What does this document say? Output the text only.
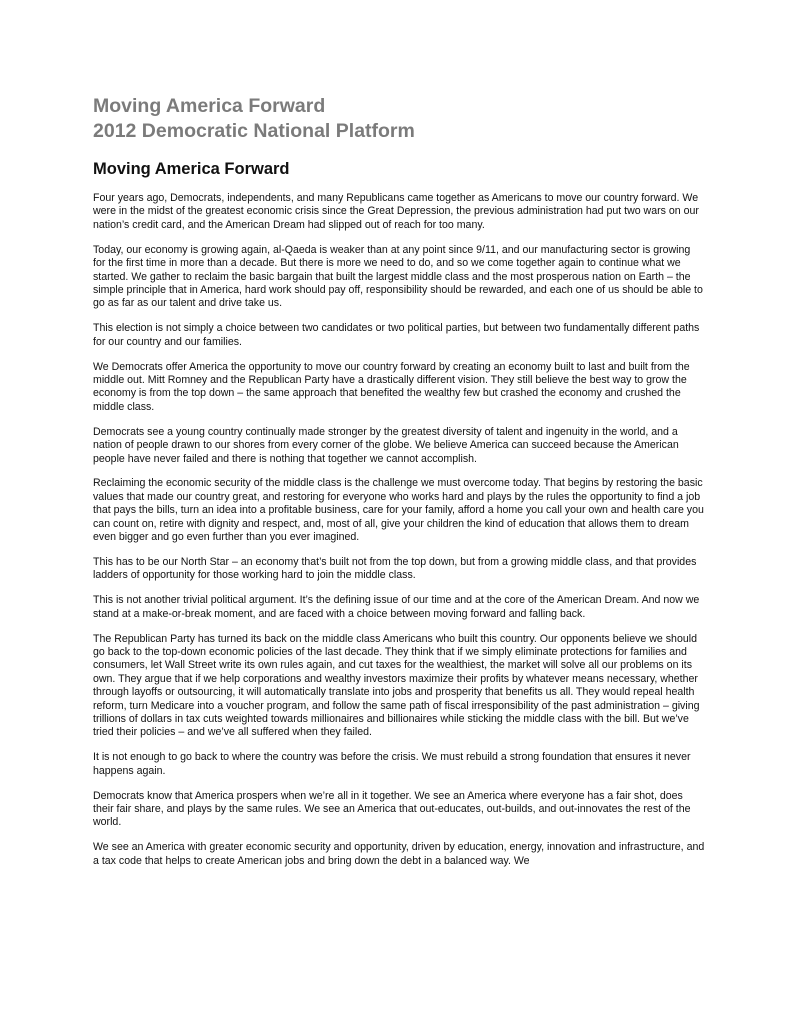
Moving America Forward
2012 Democratic National Platform
Moving America Forward

Four years ago, Democrats, independents, and many Republicans came together as Americans to move our country forward. We were in the midst of the greatest economic crisis since the Great Depression, the previous administration had put two wars on our nation’s credit card, and the American Dream had slipped out of reach for too many.

Today, our economy is growing again, al-Qaeda is weaker than at any point since 9/11, and our manufacturing sector is growing for the first time in more than a decade. But there is more we need to do, and so we come together again to continue what we started. We gather to reclaim the basic bargain that built the largest middle class and the most prosperous nation on Earth – the simple principle that in America, hard work should pay off, responsibility should be rewarded, and each one of us should be able to go as far as our talent and drive take us.

This election is not simply a choice between two candidates or two political parties, but between two fundamentally different paths for our country and our families.

We Democrats offer America the opportunity to move our country forward by creating an economy built to last and built from the middle out. Mitt Romney and the Republican Party have a drastically different vision. They still believe the best way to grow the economy is from the top down – the same approach that benefited the wealthy few but crashed the economy and crushed the middle class.

Democrats see a young country continually made stronger by the greatest diversity of talent and ingenuity in the world, and a nation of people drawn to our shores from every corner of the globe. We believe America can succeed because the American people have never failed and there is nothing that together we cannot accomplish.

Reclaiming the economic security of the middle class is the challenge we must overcome today. That begins by restoring the basic values that made our country great, and restoring for everyone who works hard and plays by the rules the opportunity to find a job that pays the bills, turn an idea into a profitable business, care for your family, afford a home you call your own and health care you can count on, retire with dignity and respect, and, most of all, give your children the kind of education that allows them to dream even bigger and go even further than you ever imagined.

This has to be our North Star – an economy that’s built not from the top down, but from a growing middle class, and that provides ladders of opportunity for those working hard to join the middle class.

This is not another trivial political argument. It’s the defining issue of our time and at the core of the American Dream. And now we stand at a make-or-break moment, and are faced with a choice between moving forward and falling back.

The Republican Party has turned its back on the middle class Americans who built this country. Our opponents believe we should go back to the top-down economic policies of the last decade. They think that if we simply eliminate protections for families and consumers, let Wall Street write its own rules again, and cut taxes for the wealthiest, the market will solve all our problems on its own. They argue that if we help corporations and wealthy investors maximize their profits by whatever means necessary, whether through layoffs or outsourcing, it will automatically translate into jobs and prosperity that benefits us all. They would repeal health reform, turn Medicare into a voucher program, and follow the same path of fiscal irresponsibility of the past administration – giving trillions of dollars in tax cuts weighted towards millionaires and billionaires while sticking the middle class with the bill. But we’ve tried their policies – and we’ve all suffered when they failed.

It is not enough to go back to where the country was before the crisis. We must rebuild a strong foundation that ensures it never happens again.

Democrats know that America prospers when we’re all in it together. We see an America where everyone has a fair shot, does their fair share, and plays by the same rules. We see an America that out-educates, out-builds, and out-innovates the rest of the world.

We see an America with greater economic security and opportunity, driven by education, energy, innovation and infrastructure, and a tax code that helps to create American jobs and bring down the debt in a balanced way. We
